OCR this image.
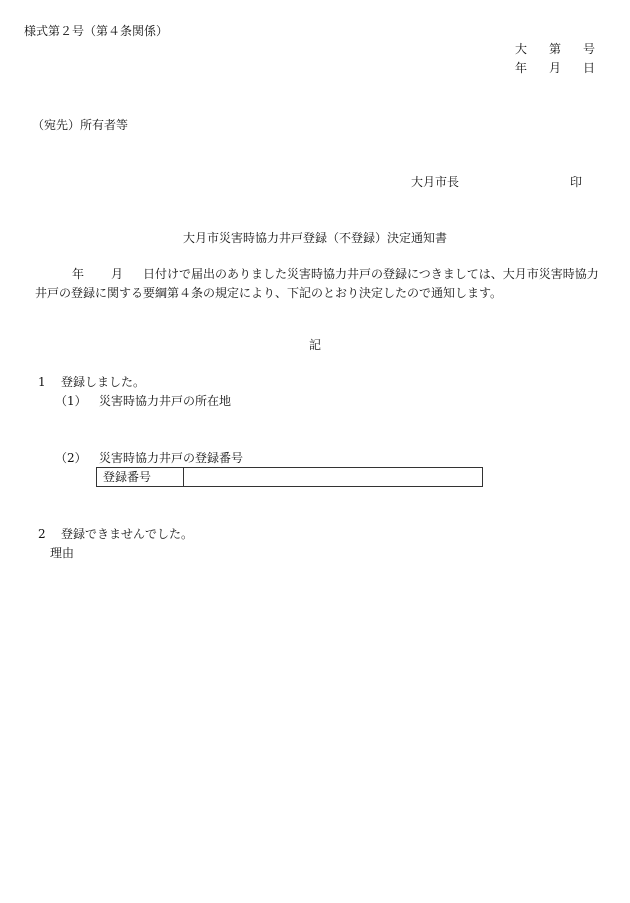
様式第２号（第４条関係）
大 第 号
年 月 日
（宛先）所有者等
大月市長	印
大月市災害時協力井戸登録（不登録）決定通知書
年 月 日付けで届出のありました災害時協力井戸の登録につきましては、大月市災害時協力井戸の登録に関する要綱第４条の規定により、下記のとおり決定したので通知します。
記
1 登録しました。
（1） 災害時協力井戸の所在地
（2） 災害時協力井戸の登録番号
登録番号
2 登録できませんでした。
理由
